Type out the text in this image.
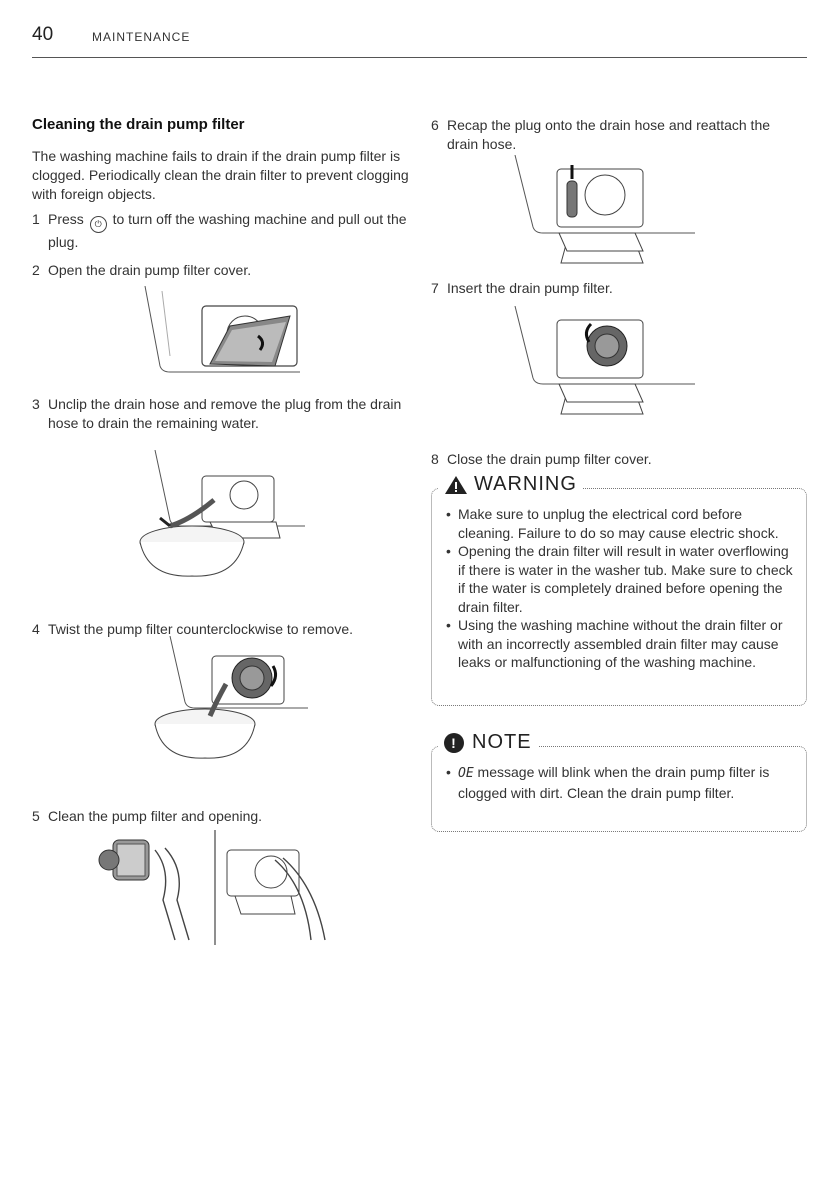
40	MAINTENANCE
Cleaning the drain pump filter

The washing machine fails to drain if the drain pump filter is clogged. Periodically clean the drain filter to prevent clogging with foreign objects.

1 Press ⏻ to turn off the washing machine and pull out the plug.
2 Open the drain pump filter cover.
3 Unclip the drain hose and remove the plug from the drain hose to drain the remaining water.
4 Twist the pump filter counterclockwise to remove.
5 Clean the pump filter and opening.
6 Recap the plug onto the drain hose and reattach the drain hose.
7 Insert the drain pump filter.
8 Close the drain pump filter cover.
WARNING
• Make sure to unplug the electrical cord before cleaning. Failure to do so may cause electric shock.
• Opening the drain filter will result in water overflowing if there is water in the washer tub. Make sure to check if the water is completely drained before opening the drain filter.
• Using the washing machine without the drain filter or with an incorrectly assembled drain filter may cause leaks or malfunctioning of the washing machine.
! NOTE
• OE message will blink when the drain pump filter is clogged with dirt. Clean the drain pump filter.
